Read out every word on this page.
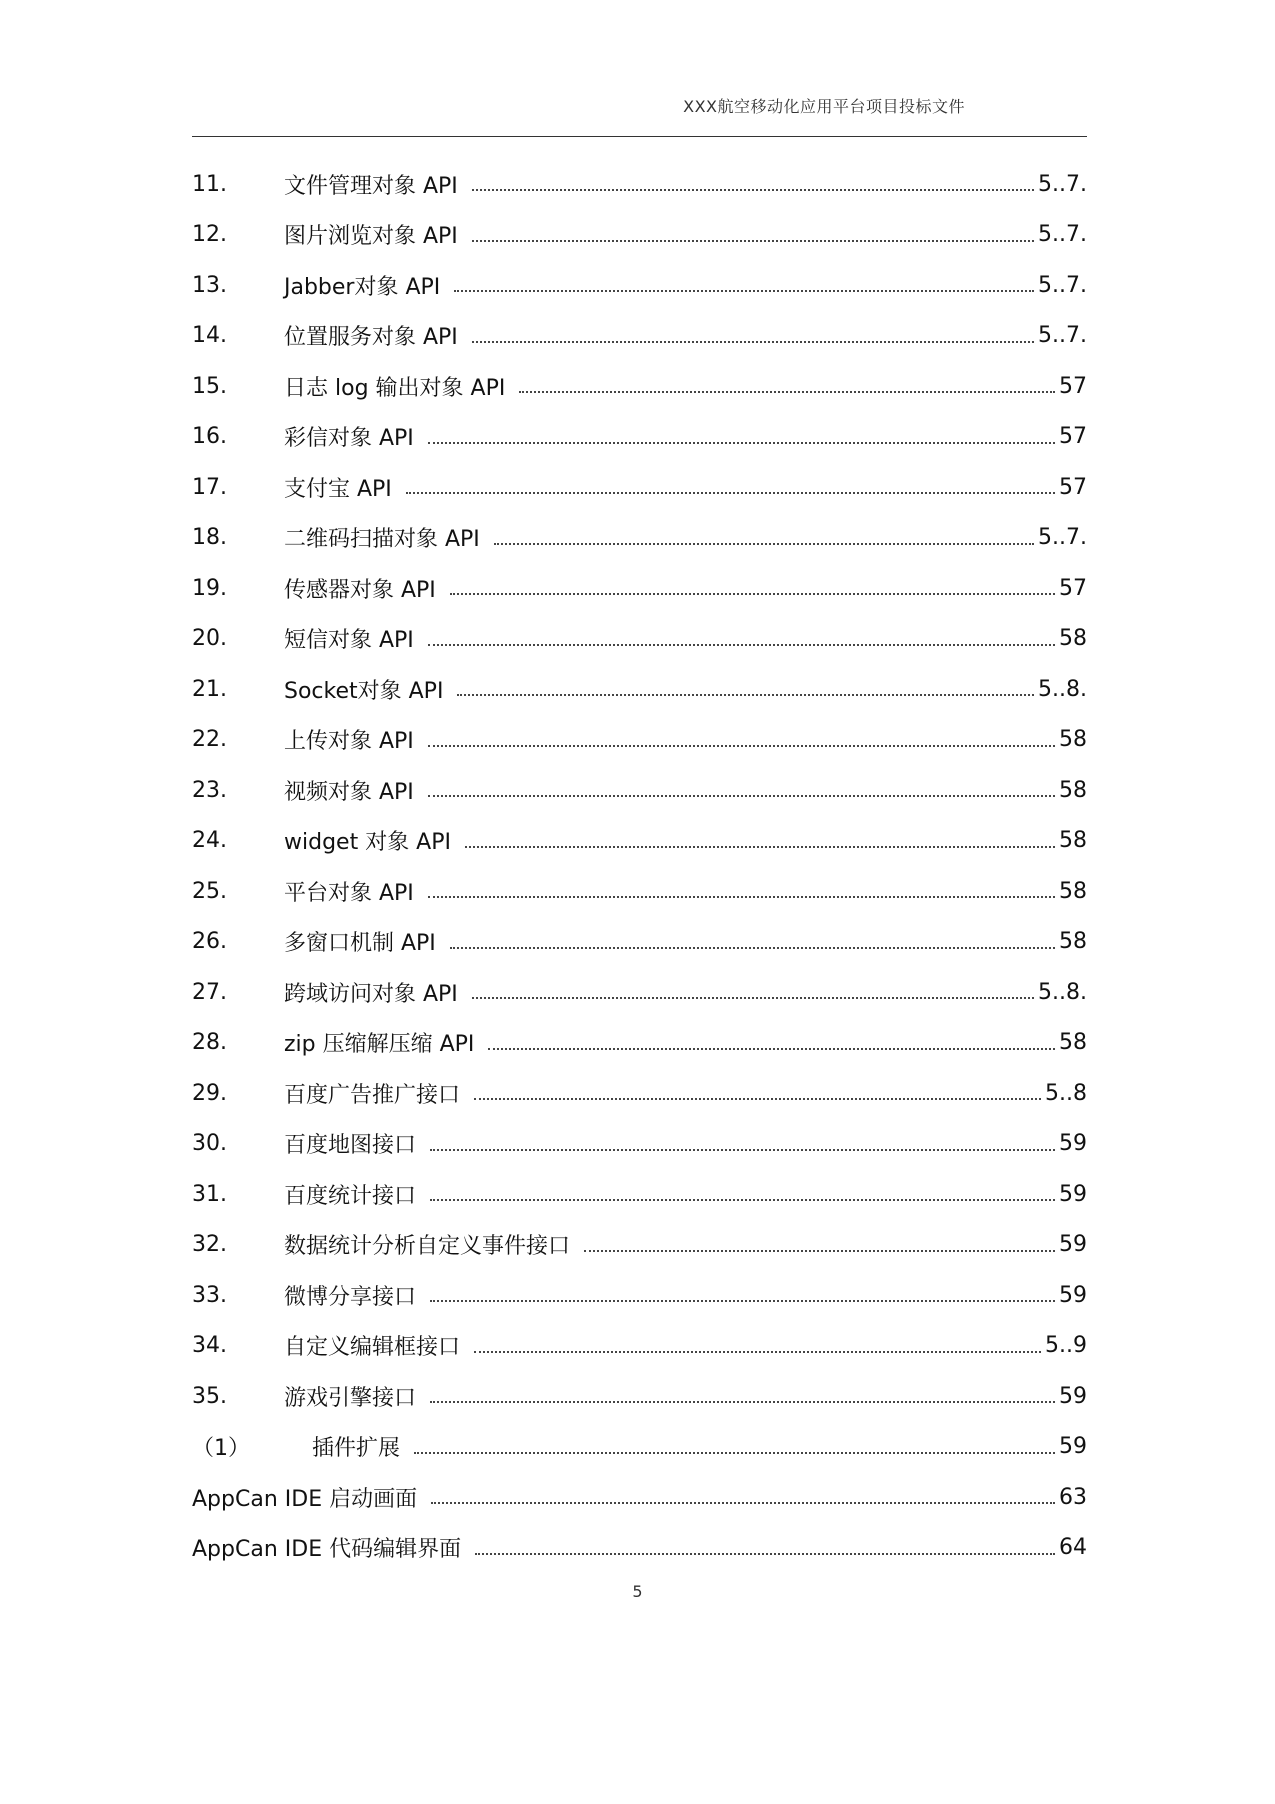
XXX航空移动化应用平台项目投标文件
11.	文件管理对象 API	5..7.
12.	图片浏览对象 API	5..7.
13.	Jabber对象 API	5..7.
14.	位置服务对象 API	5..7.
15.	日志 log 输出对象 API	57
16.	彩信对象 API	57
17.	支付宝 API	57
18.	二维码扫描对象 API	5..7.
19.	传感器对象 API	57
20.	短信对象 API	58
21.	Socket对象 API	5..8.
22.	上传对象 API	58
23.	视频对象 API	58
24.	widget 对象 API	58
25.	平台对象 API	58
26.	多窗口机制 API	58
27.	跨域访问对象 API	5..8.
28.	zip 压缩解压缩 API	58
29.	百度广告推广接口	5..8
30.	百度地图接口	59
31.	百度统计接口	59
32.	数据统计分析自定义事件接口	59
33.	微博分享接口	59
34.	自定义编辑框接口	5..9
35.	游戏引擎接口	59
（1）	插件扩展	59
AppCan IDE 启动画面	63
AppCan IDE 代码编辑界面	64
5
